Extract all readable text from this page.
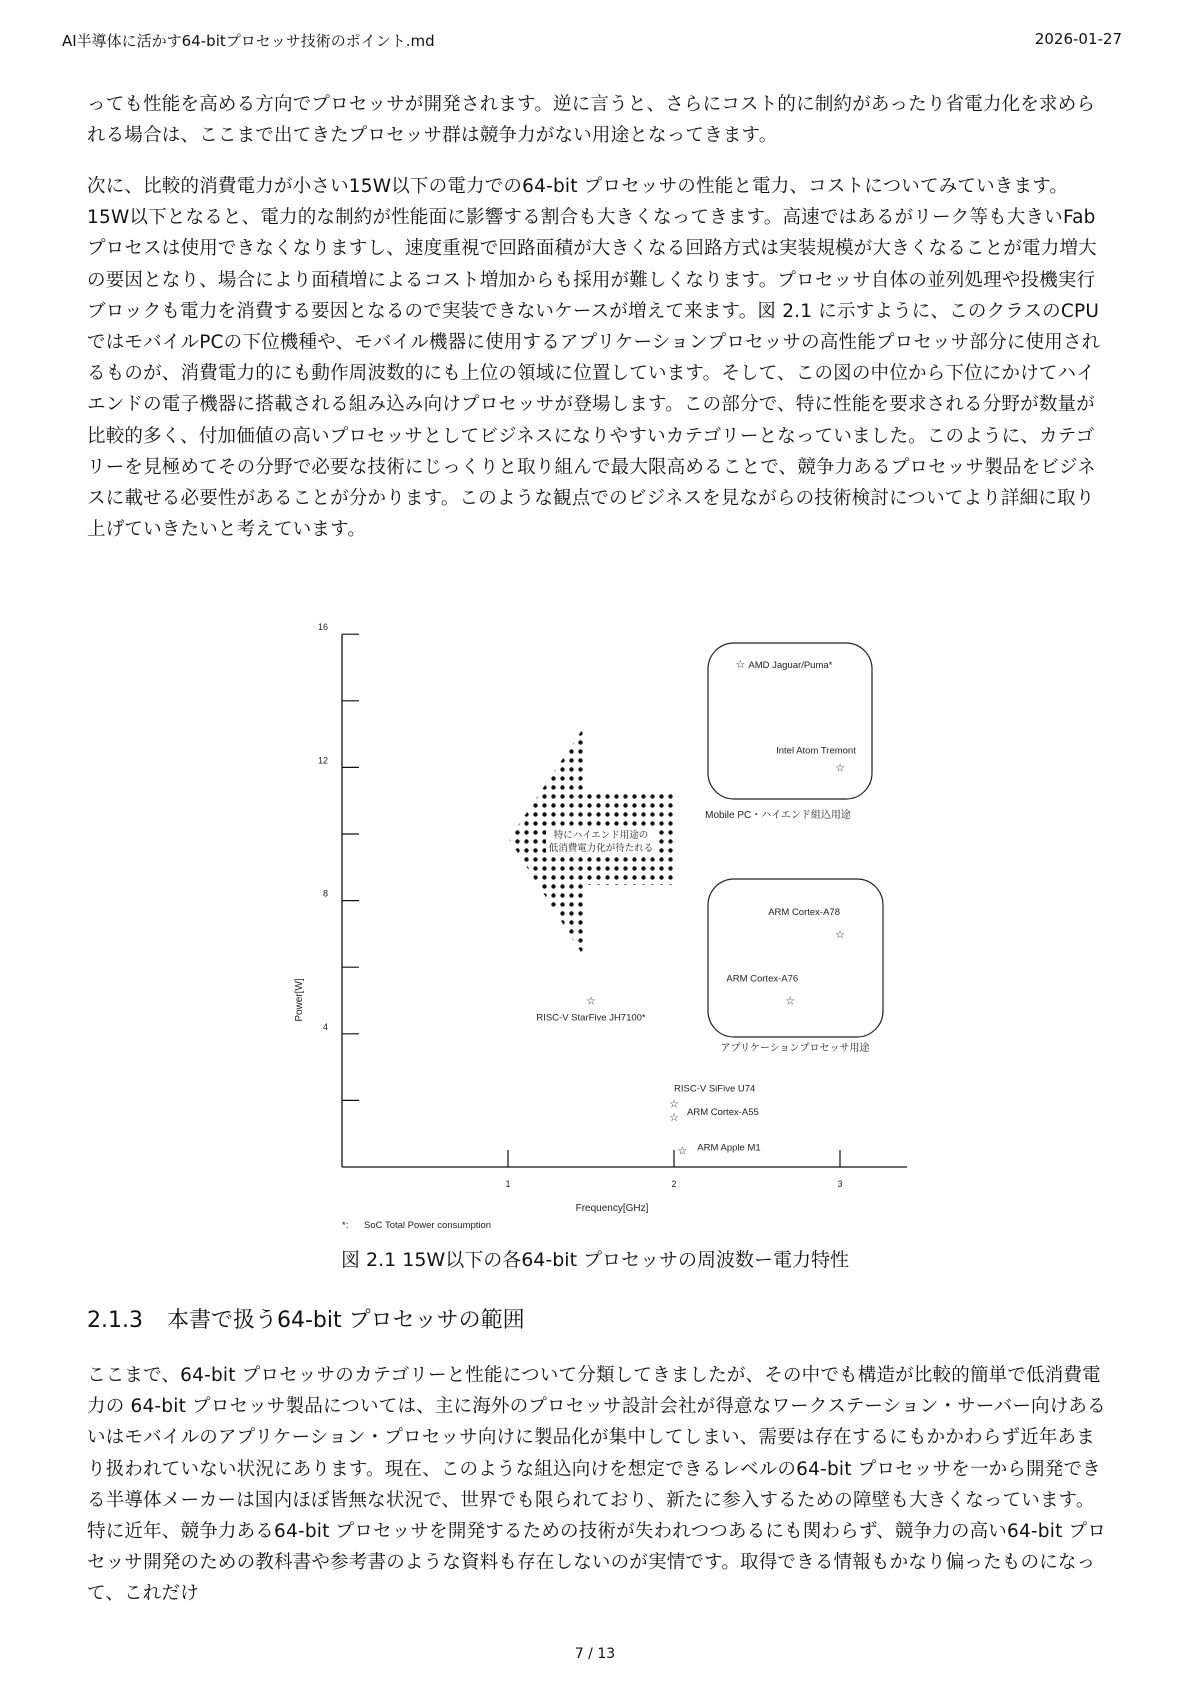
AI半導体に活かす64-bitプロセッサ技術のポイント.md	2026-01-27

っても性能を高める方向でプロセッサが開発されます。逆に言うと、さらにコスト的に制約があったり省電力化を求められる場合は、ここまで出てきたプロセッサ群は競争力がない用途となってきます。

次に、比較的消費電力が小さい15W以下の電力での64-bit プロセッサの性能と電力、コストについてみていきます。15W以下となると、電力的な制約が性能面に影響する割合も大きくなってきます。高速ではあるがリーク等も大きいFabプロセスは使用できなくなりますし、速度重視で回路面積が大きくなる回路方式は実装規模が大きくなることが電力増大の要因となり、場合により面積増によるコスト増加からも採用が難しくなります。プロセッサ自体の並列処理や投機実行ブロックも電力を消費する要因となるので実装できないケースが増えて来ます。図 2.1 に示すように、このクラスのCPUではモバイルPCの下位機種や、モバイル機器に使用するアプリケーションプロセッサの高性能プロセッサ部分に使用されるものが、消費電力的にも動作周波数的にも上位の領域に位置しています。そして、この図の中位から下位にかけてハイエンドの電子機器に搭載される組み込み向けプロセッサが登場します。この部分で、特に性能を要求される分野が数量が比較的多く、付加価値の高いプロセッサとしてビジネスになりやすいカテゴリーとなっていました。このように、カテゴリーを見極めてその分野で必要な技術にじっくりと取り組んで最大限高めることで、競争力あるプロセッサ製品をビジネスに載せる必要性があることが分かります。このような観点でのビジネスを見ながらの技術検討についてより詳細に取り上げていきたいと考えています。

特にハイエンド用途の
低消費電力化が待たれる
Mobile PC・ハイエンド組込用途
アプリケーションプロセッサ用途
4
8
12
16
1	2	3
☆ AMD Jaguar/Puma*
☆
Intel Atom Tremont
☆
ARM Cortex-A78
☆
ARM Cortex-A76
☆
RISC-V StarFive JH7100*
☆
RISC-V SiFive U74
☆ ARM Cortex-A55
☆ ARM Apple M1
Frequency[GHz]
Power[W]
*: SoC Total Power consumption
図 2.1 15W以下の各64-bit プロセッサの周波数ー電力特性
2.1.3 本書で扱う64-bit プロセッサの範囲

ここまで、64-bit プロセッサのカテゴリーと性能について分類してきましたが、その中でも構造が比較的簡単で低消費電力の 64-bit プロセッサ製品については、主に海外のプロセッサ設計会社が得意なワークステーション・サーバー向けあるいはモバイルのアプリケーション・プロセッサ向けに製品化が集中してしまい、需要は存在するにもかかわらず近年あまり扱われていない状況にあります。現在、このような組込向けを想定できるレベルの64-bit プロセッサを一から開発できる半導体メーカーは国内ほぼ皆無な状況で、世界でも限られており、新たに参入するための障壁も大きくなっています。特に近年、競争力ある64-bit プロセッサを開発するための技術が失われつつあるにも関わらず、競争力の高い64-bit プロセッサ開発のための教科書や参考書のような資料も存在しないのが実情です。取得できる情報もかなり偏ったものになって、これだけ

7 / 13
